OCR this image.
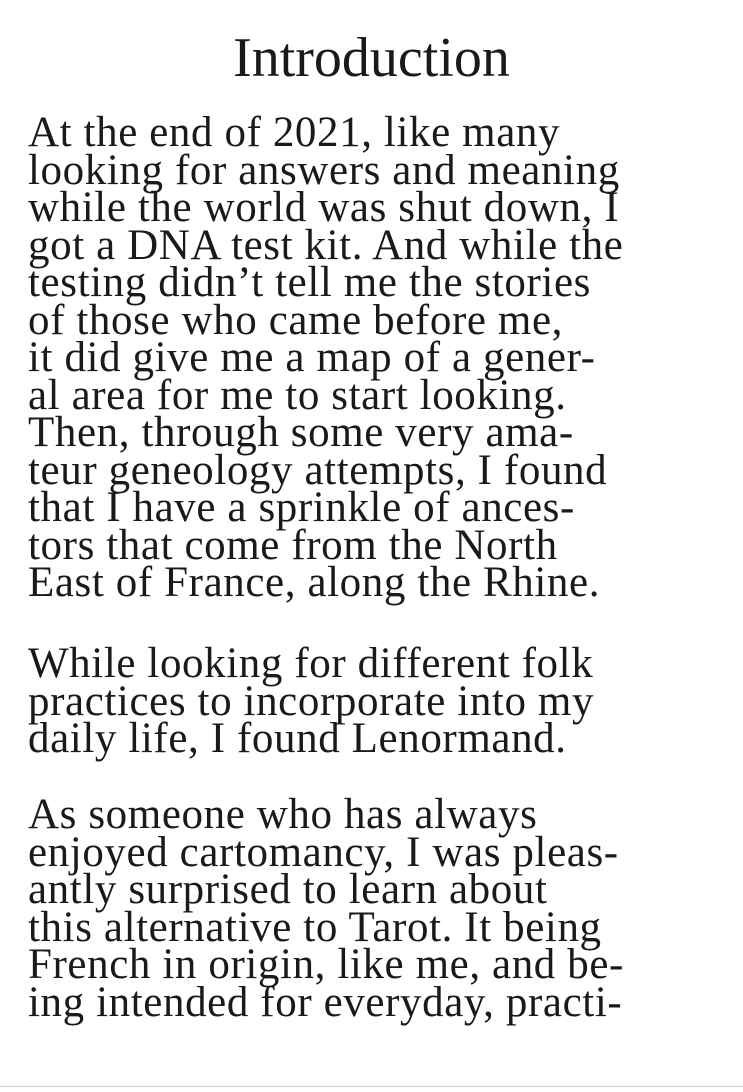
Introduction

At the end of 2021, like many
looking for answers and meaning
while the world was shut down, I
got a DNA test kit. And while the
testing didn’t tell me the stories
of those who came before me,
it did give me a map of a gener-
al area for me to start looking.
Then, through some very ama-
teur geneology attempts, I found
that I have a sprinkle of ances-
tors that come from the North
East of France, along the Rhine.

While looking for different folk
practices to incorporate into my
daily life, I found Lenormand.

As someone who has always
enjoyed cartomancy, I was pleas-
antly surprised to learn about
this alternative to Tarot. It being
French in origin, like me, and be-
ing intended for everyday, practi-
